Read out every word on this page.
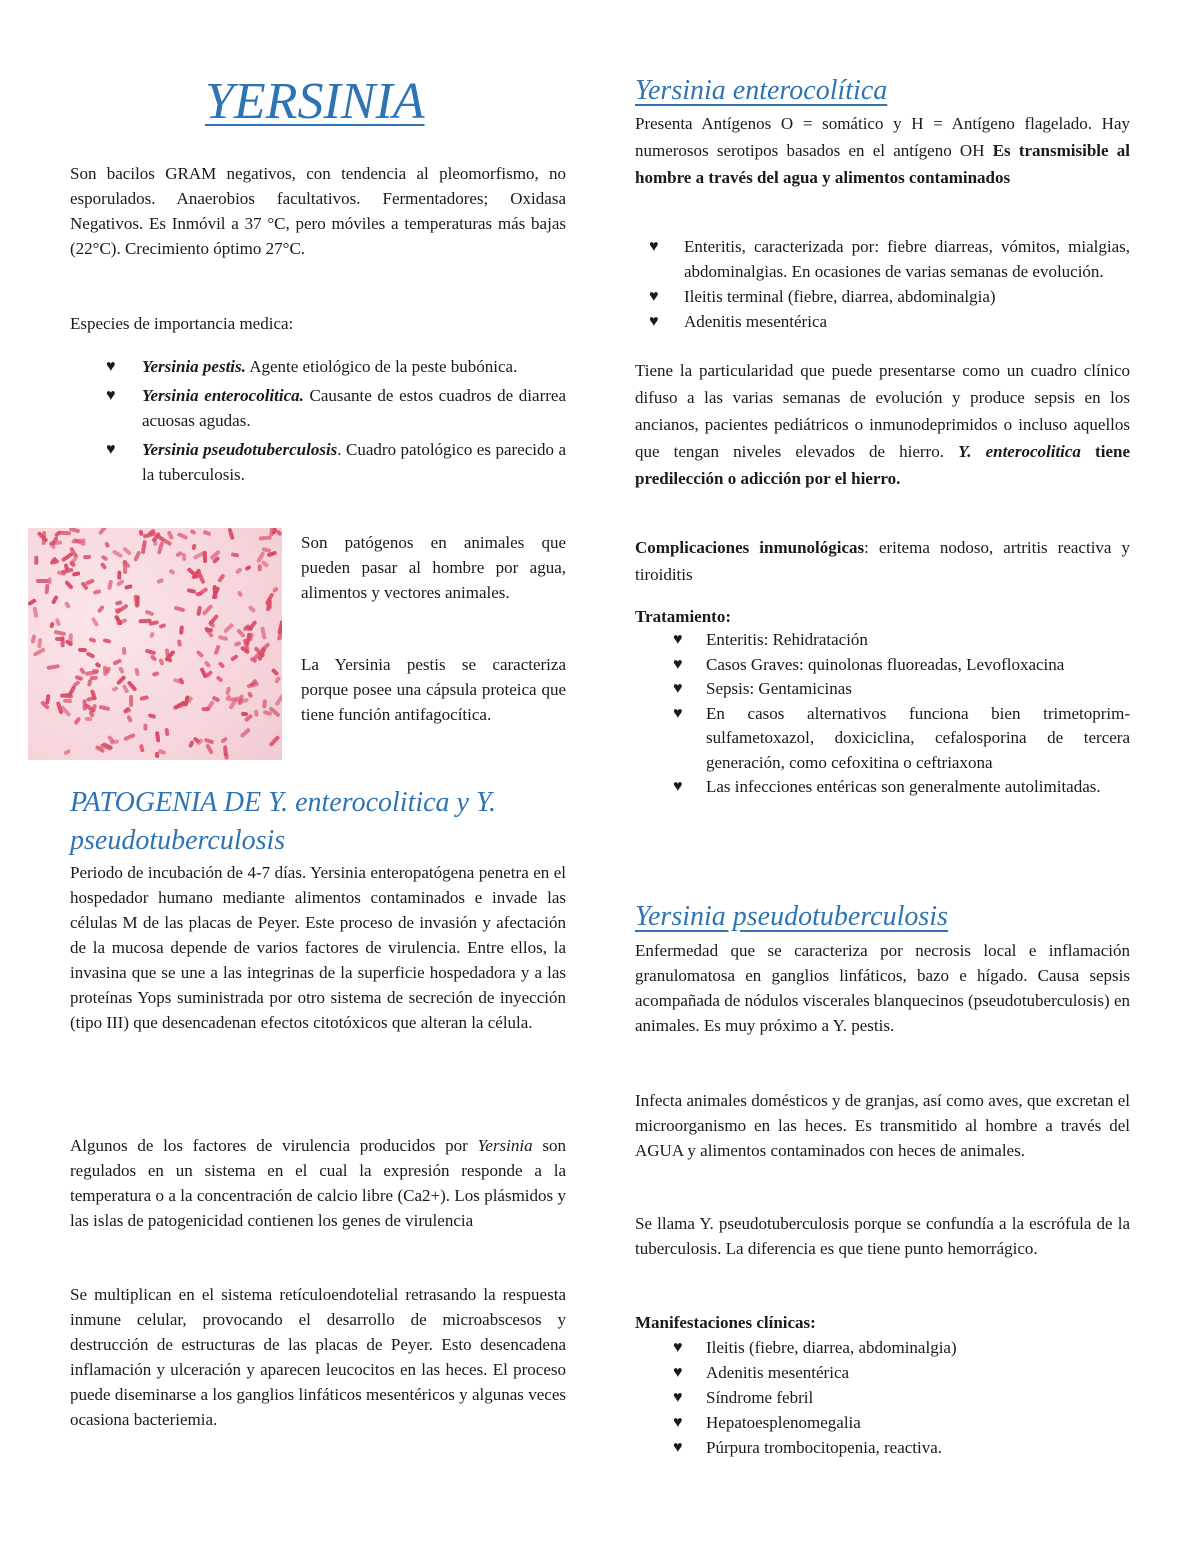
YERSINIA

Son bacilos GRAM negativos, con tendencia al pleomorfismo, no esporulados. Anaerobios facultativos. Fermentadores; Oxidasa Negativos. Es Inmóvil a 37 °C, pero móviles a temperaturas más bajas (22°C). Crecimiento óptimo 27°C.

Especies de importancia medica:

♥ Yersinia pestis. Agente etiológico de la peste bubónica.
♥ Yersinia enterocolitica. Causante de estos cuadros de diarrea acuosas agudas.
♥ Yersinia pseudotuberculosis. Cuadro patológico es parecido a la tuberculosis.

Son patógenos en animales que pueden pasar al hombre por agua, alimentos y vectores animales.

La Yersinia pestis se caracteriza porque posee una cápsula proteica que tiene función antifagocítica.

PATOGENIA DE Y. enterocolitica y Y. pseudotuberculosis

Periodo de incubación de 4-7 días. Yersinia enteropatógena penetra en el hospedador humano mediante alimentos contaminados e invade las células M de las placas de Peyer. Este proceso de invasión y afectación de la mucosa depende de varios factores de virulencia. Entre ellos, la invasina que se une a las integrinas de la superficie hospedadora y a las proteínas Yops suministrada por otro sistema de secreción de inyección (tipo III) que desencadenan efectos citotóxicos que alteran la célula.

Algunos de los factores de virulencia producidos por Yersinia son regulados en un sistema en el cual la expresión responde a la temperatura o a la concentración de calcio libre (Ca2+). Los plásmidos y las islas de patogenicidad contienen los genes de virulencia

Se multiplican en el sistema retículoendotelial retrasando la respuesta inmune celular, provocando el desarrollo de microabscesos y destrucción de estructuras de las placas de Peyer. Esto desencadena inflamación y ulceración y aparecen leucocitos en las heces. El proceso puede diseminarse a los ganglios linfáticos mesentéricos y algunas veces ocasiona bacteriemia.

Yersinia enterocolítica

Presenta Antígenos O = somático y H = Antígeno flagelado. Hay numerosos serotipos basados en el antígeno OH Es transmisible al hombre a través del agua y alimentos contaminados

♥ Enteritis, caracterizada por: fiebre diarreas, vómitos, mialgias, abdominalgias. En ocasiones de varias semanas de evolución.
♥ Ileitis terminal (fiebre, diarrea, abdominalgia)
♥ Adenitis mesentérica

Tiene la particularidad que puede presentarse como un cuadro clínico difuso a las varias semanas de evolución y produce sepsis en los ancianos, pacientes pediátricos o inmunodeprimidos o incluso aquellos que tengan niveles elevados de hierro. Y. enterocolitica tiene predilección o adicción por el hierro.

Complicaciones inmunológicas: eritema nodoso, artritis reactiva y tiroiditis

Tratamiento:

♥ Enteritis: Rehidratación
♥ Casos Graves: quinolonas fluoreadas, Levofloxacina
♥ Sepsis: Gentamicinas
♥ En casos alternativos funciona bien trimetoprim-sulfametoxazol, doxiciclina, cefalosporina de tercera generación, como cefoxitina o ceftriaxona
♥ Las infecciones entéricas son generalmente autolimitadas.
Yersinia pseudotuberculosis

Enfermedad que se caracteriza por necrosis local e inflamación granulomatosa en ganglios linfáticos, bazo e hígado. Causa sepsis acompañada de nódulos viscerales blanquecinos (pseudotuberculosis) en animales. Es muy próximo a Y. pestis.

Infecta animales domésticos y de granjas, así como aves, que excretan el microorganismo en las heces. Es transmitido al hombre a través del AGUA y alimentos contaminados con heces de animales.

Se llama Y. pseudotuberculosis porque se confundía a la escrófula de la tuberculosis. La diferencia es que tiene punto hemorrágico.

Manifestaciones clínicas:

♥ Ileitis (fiebre, diarrea, abdominalgia)
♥ Adenitis mesentérica
♥ Síndrome febril
♥ Hepatoesplenomegalia
♥ Púrpura trombocitopenia, reactiva.
